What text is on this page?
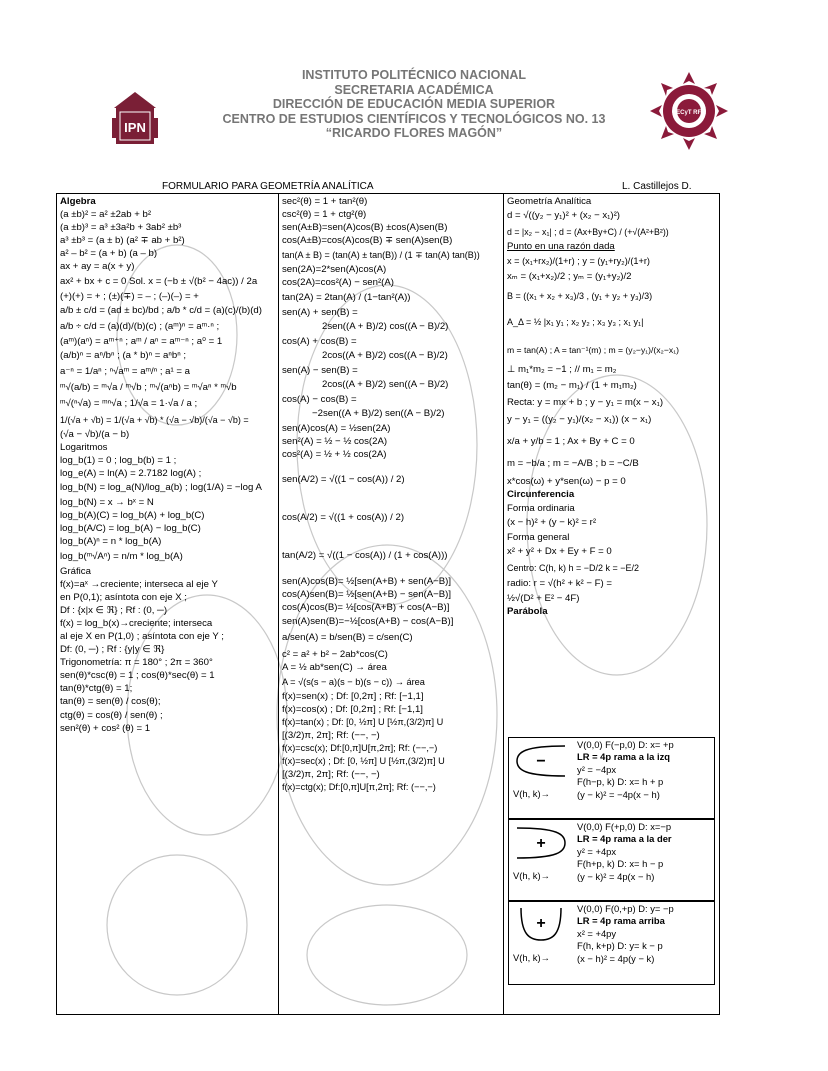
INSTITUTO POLITÉCNICO NACIONAL
SECRETARIA ACADÉMICA
DIRECCIÓN DE EDUCACIÓN MEDIA SUPERIOR
CENTRO DE ESTUDIOS CIENTÍFICOS Y TECNOLÓGICOS NO. 13
“RICARDO FLORES MAGÓN”
IPN
CECyT RFM
FORMULARIO PARA GEOMETRÍA ANALÍTICA	L. Castillejos D.
Algebra
(a ±b)² = a² ±2ab + b²
(a ±b)³ = a³ ±3a²b + 3ab² ±b³
a³ ±b³ = (a ± b) (a² ∓ ab + b²)
a² – b² = (a + b) (a – b)
ax + ay = a(x + y)
ax² + bx + c = 0 Sol. x = (−b ± √(b² − 4ac)) / 2a
(+)(+) = + ; (±)(∓) = – ; (–)(–) = +
a/b ± c/d = (ad ± bc)/bd ; a/b * c/d = (a)(c)/(b)(d)
a/b ÷ c/d = (a)(d)/(b)(c) ; (aᵐ)ⁿ = aᵐ·ⁿ ;
(aᵐ)(aⁿ) = aᵐ⁺ⁿ ; aᵐ / aⁿ = aᵐ⁻ⁿ ; a⁰ = 1
(a/b)ⁿ = aⁿ/bⁿ ; (a * b)ⁿ = aⁿbⁿ ;
a⁻ⁿ = 1/aⁿ ; ⁿ√aᵐ = aᵐ/ⁿ ; a¹ = a
ᵐ√(a/b) = ᵐ√a / ᵐ√b ; ᵐ√(aⁿb) = ᵐ√aⁿ * ᵐ√b
ᵐ√(ⁿ√a) = ᵐⁿ√a ; 1/√a = 1·√a / a ;
1/(√a + √b) = 1/(√a + √b) * (√a − √b)/(√a − √b) =
(√a − √b)/(a − b)
Logaritmos
log_b(1) = 0 ; log_b(b) = 1 ;
log_e(A) = ln(A) = 2.7182 log(A) ;
log_b(N) = log_a(N)/log_a(b) ; log(1/A) = −log A
log_b(N) = x → bˣ = N
log_b(A)(C) = log_b(A) + log_b(C)
log_b(A/C) = log_b(A) − log_b(C)
log_b(A)ⁿ = n * log_b(A)
log_b(ᵐ√Aⁿ) = n/m * log_b(A)
Gráfica
f(x)=aˣ →creciente; interseca al eje Y
en P(0,1); asíntota con eje X ;
Df : {x|x ∈ ℜ} ; Rf : (0, ─)
f(x) = log_b(x)→creciente; interseca
al eje X en P(1,0) ; asíntota con eje Y ;
Df: (0, ─) ; Rf : {y|y ∈ ℜ}
Trigonometría: π = 180° ; 2π = 360°
sen(θ)*csc(θ) = 1 ; cos(θ)*sec(θ) = 1
tan(θ)*ctg(θ) = 1;
tan(θ) = sen(θ) / cos(θ);
ctg(θ) = cos(θ) / sen(θ) ;
sen²(θ) + cos² (θ) = 1
sec²(θ) = 1 + tan²(θ)
csc²(θ) = 1 + ctg²(θ)
sen(A±B)=sen(A)cos(B) ±cos(A)sen(B)
cos(A±B)=cos(A)cos(B) ∓ sen(A)sen(B)
tan(A ± B) = (tan(A) ± tan(B)) / (1 ∓ tan(A) tan(B))
sen(2A)=2*sen(A)cos(A)
cos(2A)=cos²(A) − sen²(A)
tan(2A) = 2tan(A) / (1−tan²(A))
sen(A) + sen(B) =
2sen((A + B)/2) cos((A − B)/2)
cos(A) + cos(B) =
2cos((A + B)/2) cos((A − B)/2)
sen(A) − sen(B) =
2cos((A + B)/2) sen((A − B)/2)
cos(A) − cos(B) =
−2sen((A + B)/2) sen((A − B)/2)
sen(A)cos(A) = ½sen(2A)
sen²(A) = ½ − ½ cos(2A)
cos²(A) = ½ + ½ cos(2A)
sen(A/2) = √((1 − cos(A)) / 2)
cos(A/2) = √((1 + cos(A)) / 2)
tan(A/2) = √((1 − cos(A)) / (1 + cos(A)))
sen(A)cos(B)= ½[sen(A+B) + sen(A−B)]
cos(A)sen(B)= ½[sen(A+B) − sen(A−B)]
cos(A)cos(B)= ½[cos(A+B) + cos(A−B)]
sen(A)sen(B)=−½[cos(A+B) − cos(A−B)]
a/sen(A) = b/sen(B) = c/sen(C)
c² = a² + b² − 2ab*cos(C)
A = ½ ab*sen(C) → área
A = √(s(s − a)(s − b)(s − c)) → área
f(x)=sen(x) ; Df: [0,2π] ; Rf: [−1,1]
f(x)=cos(x) ; Df: [0,2π] ; Rf: [−1,1]
f(x)=tan(x) ; Df: [0, ½π] U [½π,(3/2)π] U
[(3/2)π, 2π]; Rf: (−−, −)
f(x)=csc(x); Df:[0,π]U[π,2π]; Rf: (−−,−)
f(x)=sec(x) ; Df: [0, ½π] U [½π,(3/2)π] U
[(3/2)π, 2π]; Rf: (−−, −)
f(x)=ctg(x); Df:[0,π]U[π,2π]; Rf: (−−,−)
Geometría Analítica
d = √((y₂ − y₁)² + (x₂ − x₁)²)
d = |x₂ − x₁| ; d = (Ax+By+C) / (+√(A²+B²))
Punto en una razón dada
x = (x₁+rx₂)/(1+r) ; y = (y₁+ry₂)/(1+r)
xₘ = (x₁+x₂)/2 ; yₘ = (y₁+y₂)/2
B = ((x₁ + x₂ + x₃)/3 , (y₁ + y₂ + y₃)/3)
A_Δ = ½ |x₁ y₁ ; x₂ y₂ ; x₃ y₃ ; x₁ y₁|
m = tan(A) ; A = tan⁻¹(m) ; m = (y₂−y₁)/(x₂−x₁)
⊥ m₁*m₂ = −1 ; // m₁ = m₂
tan(θ) = (m₂ − m₁) / (1 + m₁m₂)
Recta: y = mx + b ; y − y₁ = m(x − x₁)
y − y₁ = ((y₂ − y₁)/(x₂ − x₁)) (x − x₁)
x/a + y/b = 1 ; Ax + By + C = 0
m = −b/a ; m = −A/B ; b = −C/B
x*cos(ω) + y*sen(ω) − p = 0
Circunferencia
Forma ordinaria
(x − h)² + (y − k)² = r²
Forma general
x² + y² + Dx + Ey + F = 0
Centro: C(h, k) h = −D/2 k = −E/2
radio: r = √(h² + k² − F) =
½√(D² + E² − 4F)
Parábola
−
V(0,0) F(−p,0) D: x= +p
LR = 4p rama a la izq
y² = −4px
F(h−p, k) D: x= h + p
(y − k)² = −4p(x − h)
V(h, k)→
+
V(0,0) F(+p,0) D: x=−p
LR = 4p rama a la der
y² = +4px
F(h+p, k) D: x= h − p
(y − k)² = 4p(x − h)
V(h, k)→
+
V(0,0) F(0,+p) D: y= −p
LR = 4p rama arriba
x² = +4py
F(h, k+p) D: y= k − p
(x − h)² = 4p(y − k)
V(h, k)→
